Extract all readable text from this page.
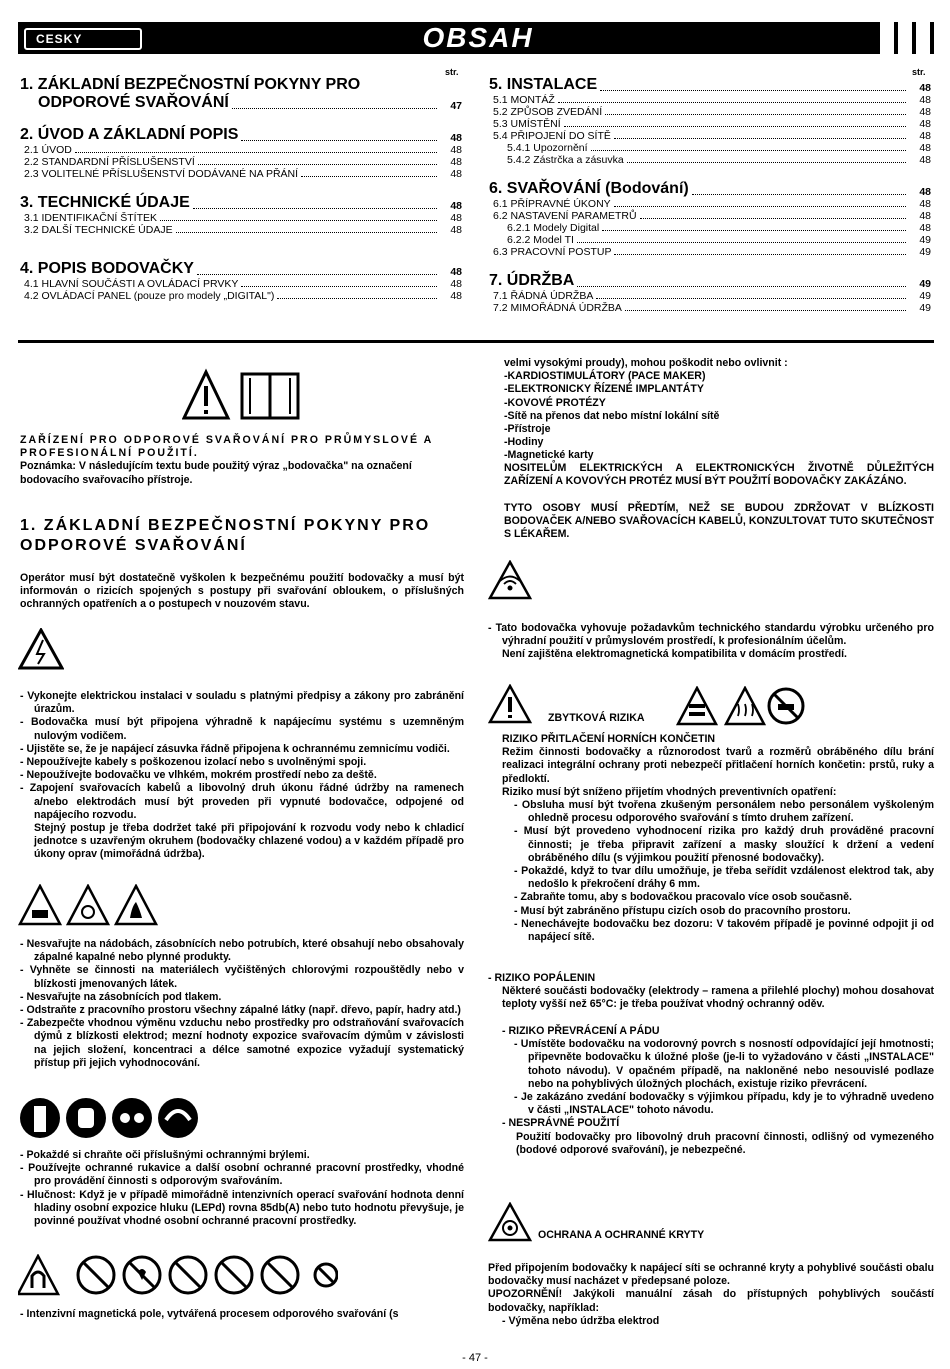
CESKY	OBSAH
str.	str.
1. ZÁKLADNÍ BEZPEČNOSTNÍ POKYNY PRO
ODPOROVÉ SVAŘOVÁNÍ	47
2. ÚVOD A ZÁKLADNÍ POPIS	48
2.1 ÚVOD	48
2.2 STANDARDNÍ PŘÍSLUŠENSTVÍ	48
2.3 VOLITELNÉ PŘÍSLUŠENSTVÍ DODÁVANÉ NA PŘÁNÍ	48
3. TECHNICKÉ ÚDAJE	48
3.1 IDENTIFIKAČNÍ ŠTÍTEK	48
3.2 DALŠÍ TECHNICKÉ ÚDAJE	48
4. POPIS BODOVAČKY	48
4.1 HLAVNÍ SOUČÁSTI A OVLÁDACÍ PRVKY	48
4.2 OVLÁDACÍ PANEL (pouze pro modely „DIGITAL")	48
5. INSTALACE	48
5.1 MONTÁŽ	48
5.2 ZPŮSOB ZVEDÁNÍ	48
5.3 UMÍSTĚNÍ	48
5.4 PŘIPOJENÍ DO SÍTĚ	48
5.4.1 Upozornění	48
5.4.2 Zástrčka a zásuvka	48
6. SVAŘOVÁNÍ (Bodování)	48
6.1 PŘÍPRAVNÉ ÚKONY	48
6.2 NASTAVENÍ PARAMETRŮ	48
6.2.1 Modely Digital	48
6.2.2 Model TI	49
6.3 PRACOVNÍ POSTUP	49
7. ÚDRŽBA	49
7.1 ŘÁDNÁ ÚDRŽBA	49
7.2 MIMOŘÁDNÁ ÚDRŽBA	49
ZAŘÍZENÍ PRO ODPOROVÉ SVAŘOVÁNÍ PRO PRŮMYSLOVÉ A PROFESIONÁLNÍ POUŽITÍ.
Poznámka: V následujícím textu bude použitý výraz „bodovačka" na označení bodovacího svařovacího přístroje.
1. ZÁKLADNÍ BEZPEČNOSTNÍ POKYNY PRO ODPOROVÉ SVAŘOVÁNÍ
Operátor musí být dostatečně vyškolen k bezpečnému použití bodovačky a musí být informován o rizicích spojených s postupy při svařování obloukem, o příslušných ochranných opatřeních a o postupech v nouzovém stavu.
- Vykonejte elektrickou instalaci v souladu s platnými předpisy a zákony pro zabránění úrazům.
- Bodovačka musí být připojena výhradně k napájecímu systému s uzemněným nulovým vodičem.
- Ujistěte se, že je napájecí zásuvka řádně připojena k ochrannému zemnicímu vodiči.
- Nepoužívejte kabely s poškozenou izolací nebo s uvolněnými spoji.
- Nepoužívejte bodovačku ve vlhkém, mokrém prostředí nebo za deště.
- Zapojení svařovacích kabelů a libovolný druh úkonu řádné údržby na ramenech a/nebo elektrodách musí být proveden při vypnuté bodovačce, odpojené od napájecího rozvodu.
Stejný postup je třeba dodržet také při připojování k rozvodu vody nebo k chladicí jednotce s uzavřeným okruhem (bodovačky chlazené vodou) a v každém případě pro úkony oprav (mimořádná údržba).
- Nesvařujte na nádobách, zásobnících nebo potrubích, které obsahují nebo obsahovaly zápalné kapalné nebo plynné produkty.
- Vyhněte se činnosti na materiálech vyčištěných chlorovými rozpouštědly nebo v blízkosti jmenovaných látek.
- Nesvařujte na zásobnících pod tlakem.
- Odstraňte z pracovního prostoru všechny zápalné látky (např. dřevo, papír, hadry atd.)
- Zabezpečte vhodnou výměnu vzduchu nebo prostředky pro odstraňování svařovacích dýmů z blízkosti elektrod; mezní hodnoty expozice svařovacím dýmům v závislosti na jejich složení, koncentraci a délce samotné expozice vyžadují systematický přístup při jejich vyhodnocování.
- Pokaždé si chraňte oči příslušnými ochrannými brýlemi.
- Používejte ochranné rukavice a další osobní ochranné pracovní prostředky, vhodné pro provádění činnosti s odporovým svařováním.
- Hlučnost: Když je v případě mimořádně intenzivních operací svařování hodnota denní hladiny osobní expozice hluku (LEPd) rovna 85db(A) nebo tuto hodnotu převyšuje, je povinné používat vhodné osobní ochranné pracovní prostředky.
- Intenzivní magnetická pole, vytvářená procesem odporového svařování (s
velmi vysokými proudy), mohou poškodit nebo ovlivnit :
-KARDIOSTIMULÁTORY (PACE MAKER)
-ELEKTRONICKY ŘÍZENÉ IMPLANTÁTY
-KOVOVÉ PROTÉZY
-Sítě na přenos dat nebo místní lokální sítě
-Přístroje
-Hodiny
-Magnetické karty
NOSITELŮM ELEKTRICKÝCH A ELEKTRONICKÝCH ŽIVOTNĚ DŮLEŽITÝCH ZAŘÍZENÍ A KOVOVÝCH PROTÉZ MUSÍ BÝT POUŽITÍ BODOVAČKY ZAKÁZÁNO.
TYTO OSOBY MUSÍ PŘEDTÍM, NEŽ SE BUDOU ZDRŽOVAT V BLÍZKOSTI BODOVAČEK A/NEBO SVAŘOVACÍCH KABELŮ, KONZULTOVAT TUTO SKUTEČNOST S LÉKAŘEM.
- Tato bodovačka vyhovuje požadavkům technického standardu výrobku určeného pro výhradní použití v průmyslovém prostředí, k profesionálním účelům.
Není zajištěna elektromagnetická kompatibilita v domácím prostředí.
ZBYTKOVÁ RIZIKA
RIZIKO PŘITLAČENÍ HORNÍCH KONČETIN
Režim činnosti bodovačky a různorodost tvarů a rozměrů obráběného dílu brání realizaci integrální ochrany proti nebezpečí přitlačení horních končetin: prstů, ruky a předloktí.
Riziko musí být sníženo přijetím vhodných preventivních opatření:
- Obsluha musí být tvořena zkušeným personálem nebo personálem vyškoleným ohledně procesu odporového svařování s tímto druhem zařízení.
- Musí být provedeno vyhodnocení rizika pro každý druh prováděné pracovní činnosti; je třeba připravit zařízení a masky sloužící k držení a vedení obráběného dílu (s výjimkou použití přenosné bodovačky).
- Pokaždé, když to tvar dílu umožňuje, je třeba seřídit vzdálenost elektrod tak, aby nedošlo k překročení dráhy 6 mm.
- Zabraňte tomu, aby s bodovačkou pracovalo více osob současně.
- Musí být zabráněno přístupu cizích osob do pracovního prostoru.
- Nenechávejte bodovačku bez dozoru: V takovém případě je povinné odpojit ji od napájecí sítě.
- RIZIKO POPÁLENIN
Některé součásti bodovačky (elektrody – ramena a přilehlé plochy) mohou dosahovat teploty vyšší než 65°C: je třeba používat vhodný ochranný oděv.
- RIZIKO PŘEVRÁCENÍ A PÁDU
- Umístěte bodovačku na vodorovný povrch s nosností odpovídající její hmotnosti; připevněte bodovačku k úložné ploše (je-li to vyžadováno v části „INSTALACE" tohoto návodu). V opačném případě, na nakloněné nebo nesouvislé podlaze nebo na pohyblivých úložných plochách, existuje riziko převrácení.
- Je zakázáno zvedání bodovačky s výjimkou případu, kdy je to výhradně uvedeno v části „INSTALACE" tohoto návodu.
- NESPRÁVNÉ POUŽITÍ
Použití bodovačky pro libovolný druh pracovní činnosti, odlišný od vymezeného (bodové odporové svařování), je nebezpečné.
OCHRANA A OCHRANNÉ KRYTY
Před připojením bodovačky k napájecí síti se ochranné kryty a pohyblivé součásti obalu bodovačky musí nacházet v předepsané poloze.
UPOZORNĚNÍ! Jakýkoli manuální zásah do přístupných pohyblivých součástí bodovačky, například:
- Výměna nebo údržba elektrod
- 47 -
